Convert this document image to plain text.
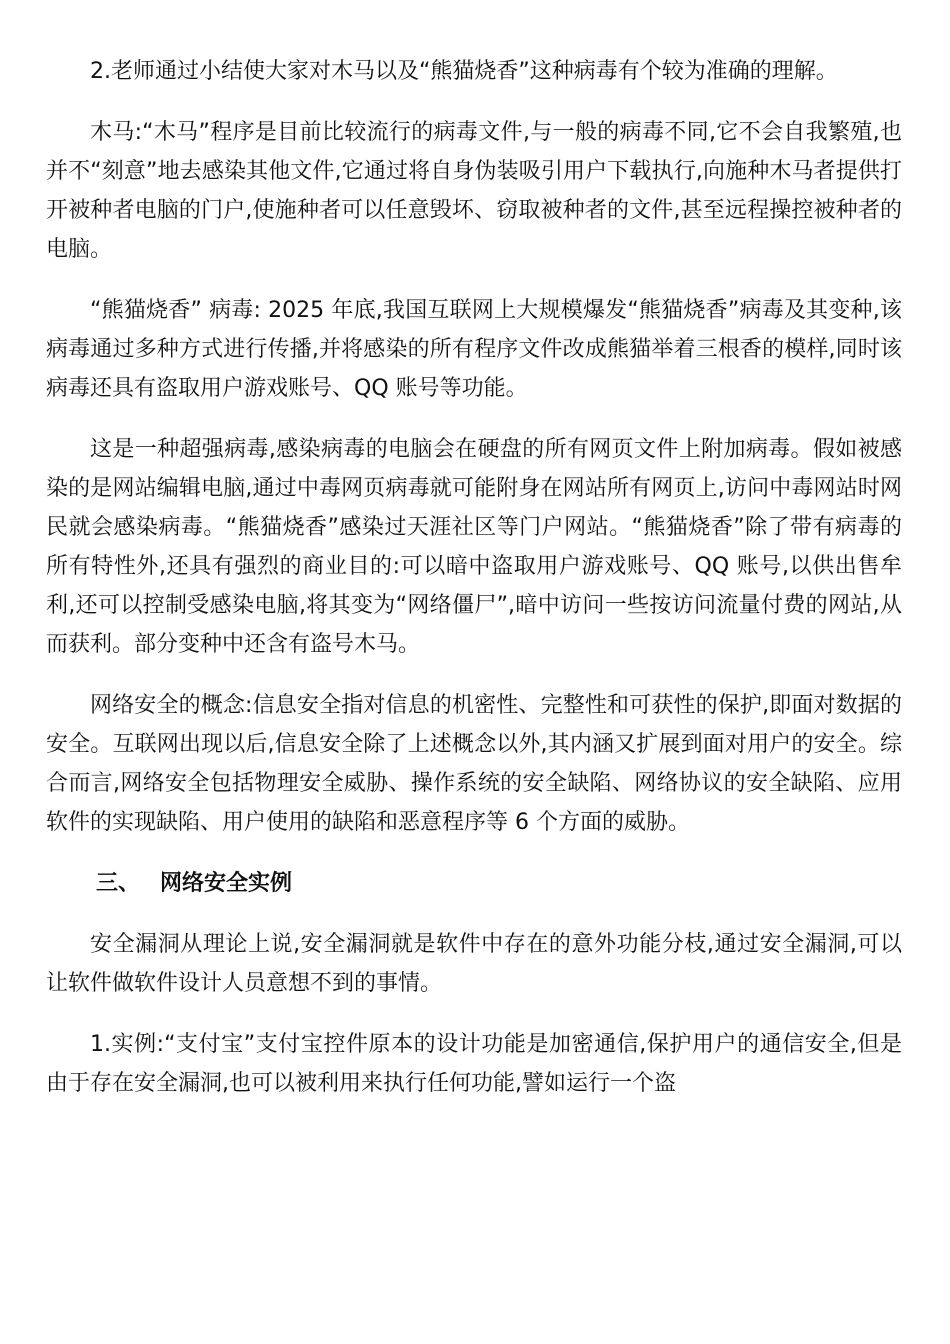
2.老师通过小结使大家对木马以及“熊猫烧香”这种病毒有个较为准确的理解。

木马:“木马”程序是目前比较流行的病毒文件,与一般的病毒不同,它不会自我繁殖,也并不“刻意”地去感染其他文件,它通过将自身伪装吸引用户下载执行,向施种木马者提供打开被种者电脑的门户,使施种者可以任意毁坏、窃取被种者的文件,甚至远程操控被种者的电脑。

“熊猫烧香” 病毒: 2025 年底,我国互联网上大规模爆发“熊猫烧香”病毒及其变种,该病毒通过多种方式进行传播,并将感染的所有程序文件改成熊猫举着三根香的模样,同时该病毒还具有盗取用户游戏账号、QQ 账号等功能。

这是一种超强病毒,感染病毒的电脑会在硬盘的所有网页文件上附加病毒。假如被感染的是网站编辑电脑,通过中毒网页病毒就可能附身在网站所有网页上,访问中毒网站时网民就会感染病毒。“熊猫烧香”感染过天涯社区等门户网站。“熊猫烧香”除了带有病毒的所有特性外,还具有强烈的商业目的:可以暗中盗取用户游戏账号、QQ 账号,以供出售牟利,还可以控制受感染电脑,将其变为“网络僵尸”,暗中访问一些按访问流量付费的网站,从而获利。部分变种中还含有盗号木马。

网络安全的概念:信息安全指对信息的机密性、完整性和可获性的保护,即面对数据的安全。互联网出现以后,信息安全除了上述概念以外,其内涵又扩展到面对用户的安全。综合而言,网络安全包括物理安全威胁、操作系统的安全缺陷、网络协议的安全缺陷、应用软件的实现缺陷、用户使用的缺陷和恶意程序等 6 个方面的威胁。

三、 网络安全实例

安全漏洞从理论上说,安全漏洞就是软件中存在的意外功能分枝,通过安全漏洞,可以让软件做软件设计人员意想不到的事情。

1.实例:“支付宝”支付宝控件原本的设计功能是加密通信,保护用户的通信安全,但是由于存在安全漏洞,也可以被利用来执行任何功能,譬如运行一个盗
